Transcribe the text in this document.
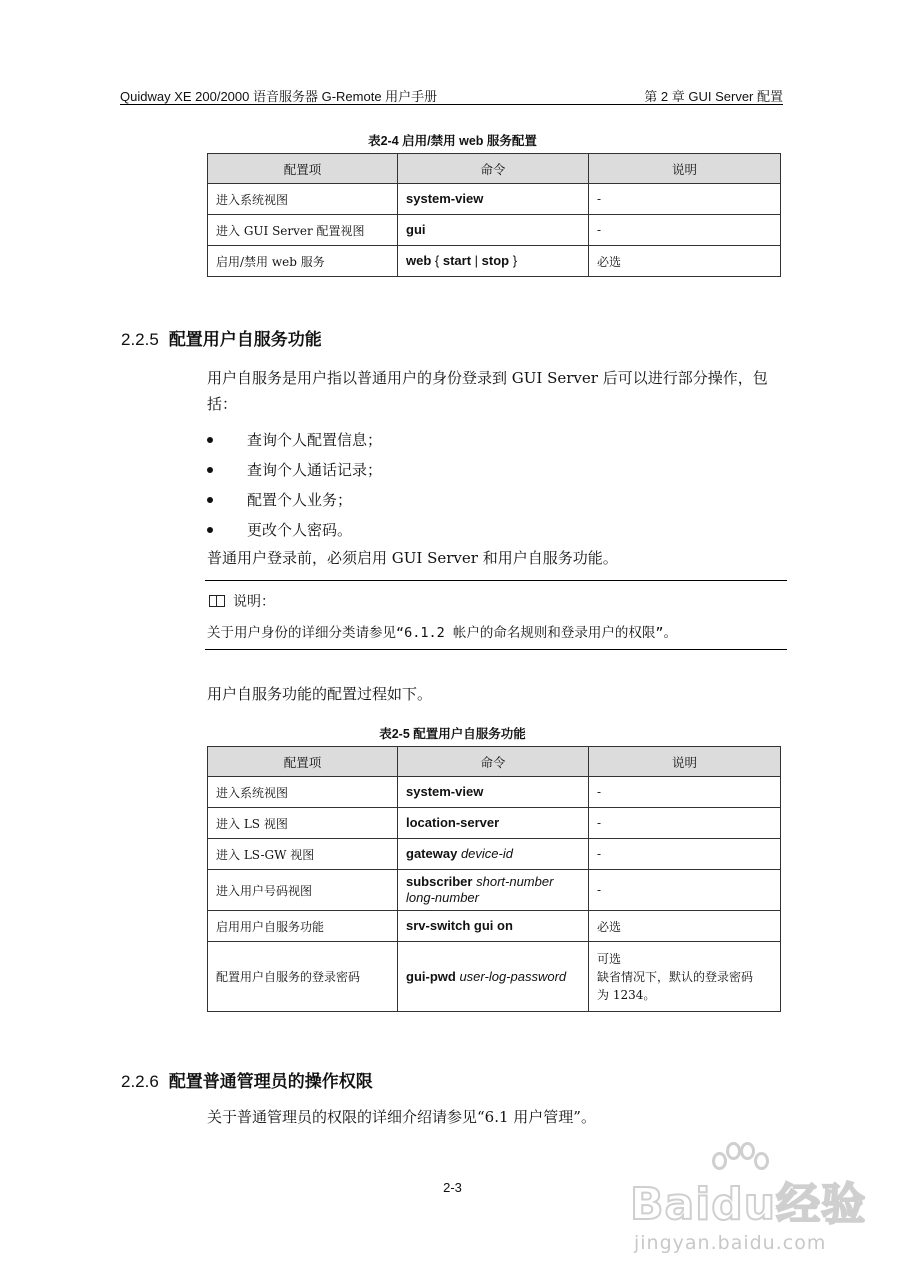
Quidway XE 200/2000 语音服务器 G-Remote 用户手册	第 2 章 GUI Server 配置
表2-4 启用/禁用 web 服务配置
配置项	命令	说明
进入系统视图	system-view	-
进入 GUI Server 配置视图	gui	-
启用/禁用 web 服务	web { start | stop }	必选
2.2.5 配置用户自服务功能
用户自服务是用户指以普通用户的身份登录到 GUI Server 后可以进行部分操作，包
括：
查询个人配置信息；
查询个人通话记录；
配置个人业务；
更改个人密码。
普通用户登录前，必须启用 GUI Server 和用户自服务功能。
说明：
关于用户身份的详细分类请参见“6.1.2 帐户的命名规则和登录用户的权限”。
用户自服务功能的配置过程如下。
表2-5 配置用户自服务功能
配置项	命令	说明
进入系统视图	system-view	-
进入 LS 视图	location-server	-
进入 LS-GW 视图	gateway device-id	-
进入用户号码视图	subscriber short-number
long-number	-
启用用户自服务功能	srv-switch gui on	必选
配置用户自服务的登录密码	gui-pwd user-log-password	可选
缺省情况下，默认的登录密码
为 1234。
2.2.6 配置普通管理员的操作权限
关于普通管理员的权限的详细介绍请参见“6.1 用户管理”。
2-3	Baidu经验
jingyan.baidu.com
